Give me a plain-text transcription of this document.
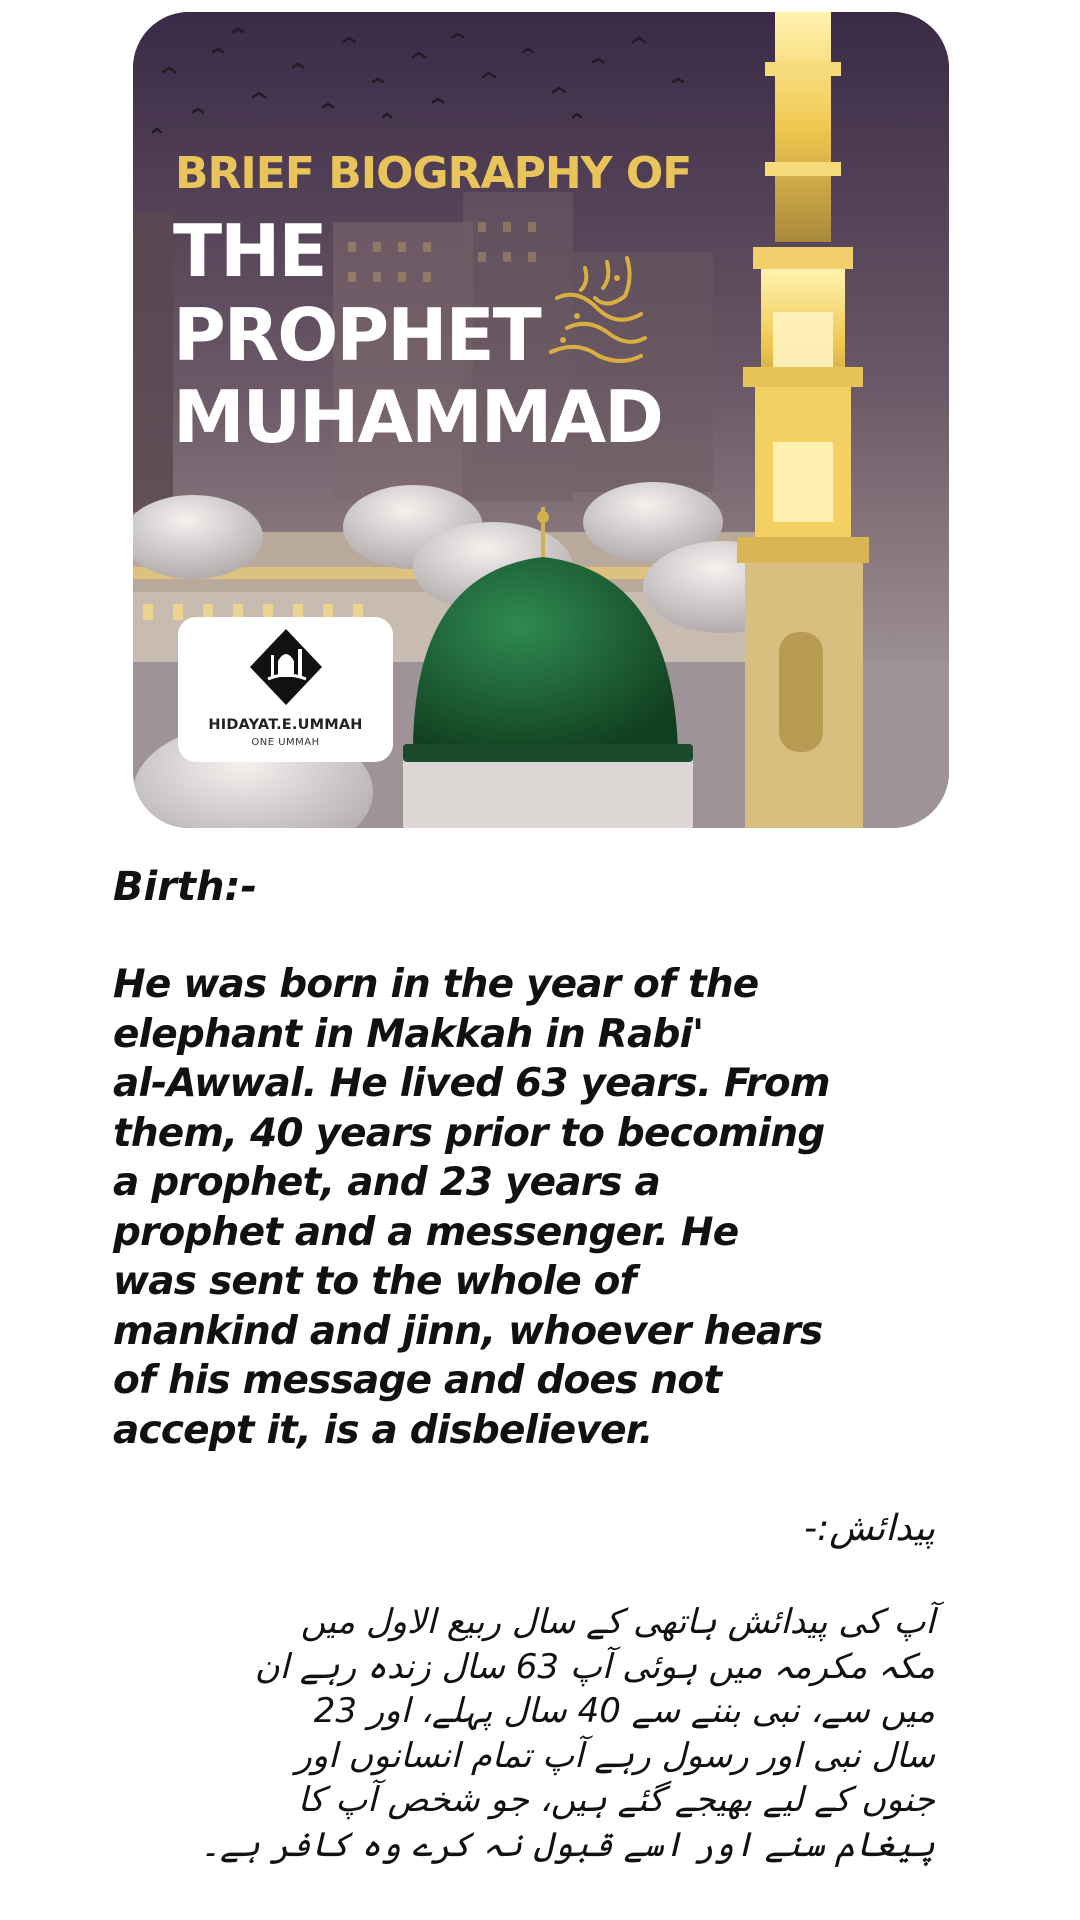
BRIEF BIOGRAPHY OF
THE
PROPHET
MUHAMMAD
HIDAYAT.E.UMMAH
ONE UMMAH
Birth:-
He was born in the year of the
elephant in Makkah in Rabi'
al-Awwal. He lived 63 years. From
them, 40 years prior to becoming
a prophet, and 23 years a
prophet and a messenger. He
was sent to the whole of
mankind and jinn, whoever hears
of his message and does not
accept it, is a disbeliever.
پیدائش:-
آپ کی پیدائش ہاتھی کے سال ربیع الاول میں
مکہ مکرمہ میں ہوئی آپ 63 سال زندہ رہے ان
میں سے، نبی بننے سے 40 سال پہلے، اور 23
سال نبی اور رسول رہے آپ تمام انسانوں اور
جنوں کے لیے بھیجے گئے ہیں، جو شخص آپ کا
پیغام سنے اور اسے قبول نہ کرے وہ کافر ہے۔
